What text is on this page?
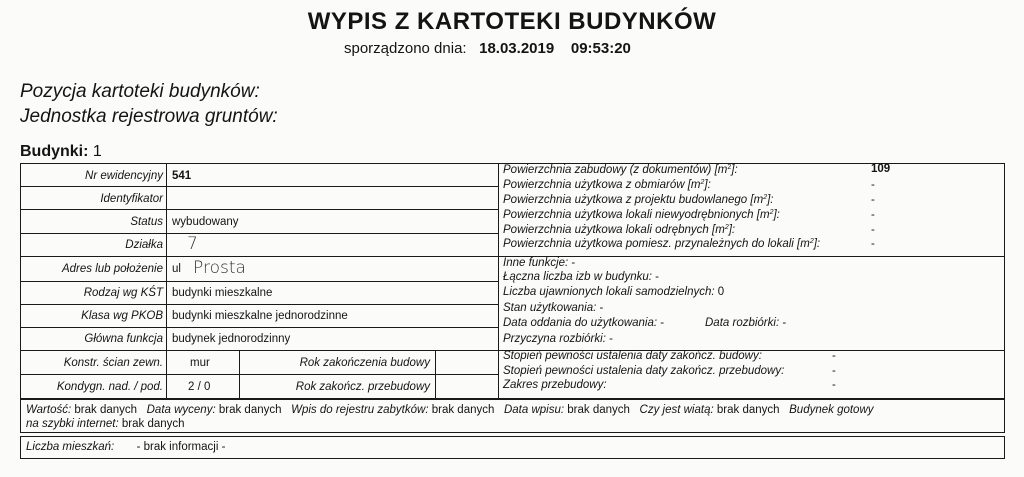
WYPIS Z KARTOTEKI BUDYNKÓW
sporządzono dnia: 18.03.2019 09:53:20
Pozycja kartoteki budynków:
Jednostka rejestrowa gruntów:
Budynki: 1
Nr ewidencyjny 541
Identyfikator
Status wybudowany
Działka 7
Adres lub położenie ul Prosta
Rodzaj wg KŚT budynki mieszkalne
Klasa wg PKOB budynki mieszkalne jednorodzinne
Główna funkcja budynek jednorodzinny
Konstr. ścian zewn. mur	Rok zakończenia budowy
Kondygn. nad. / pod. 2 / 0	Rok zakończ. przebudowy
Powierzchnia zabudowy (z dokumentów) $[m^2]$:	109
Powierzchnia użytkowa z obmiarów $[m^2]$:	-
Powierzchnia użytkowa z projektu budowlanego $[m^2]$:	-
Powierzchnia użytkowa lokali niewyodrębnionych $[m^2]$:	-
Powierzchnia użytkowa lokali odrębnych $[m^2]$:	-
Powierzchnia użytkowa pomiesz. przynależnych do lokali $[m^2]$:	-
Inne funkcje: -
Łączna liczba izb w budynku: -
Liczba ujawnionych lokali samodzielnych: 0
Stan użytkowania: -
Data oddania do użytkowania: -	Data rozbiórki: -
Przyczyna rozbiórki: -
Stopień pewności ustalenia daty zakończ. budowy:	-
Stopień pewności ustalenia daty zakończ. przebudowy:	-
Zakres przebudowy:	-
Wartość: brak danych Data wyceny: brak danych Wpis do rejestru zabytków: brak danych Data wpisu: brak danych Czy jest wiatą: brak danych Budynek gotowy
na szybki internet: brak danych
Liczba mieszkań: - brak informacji -
